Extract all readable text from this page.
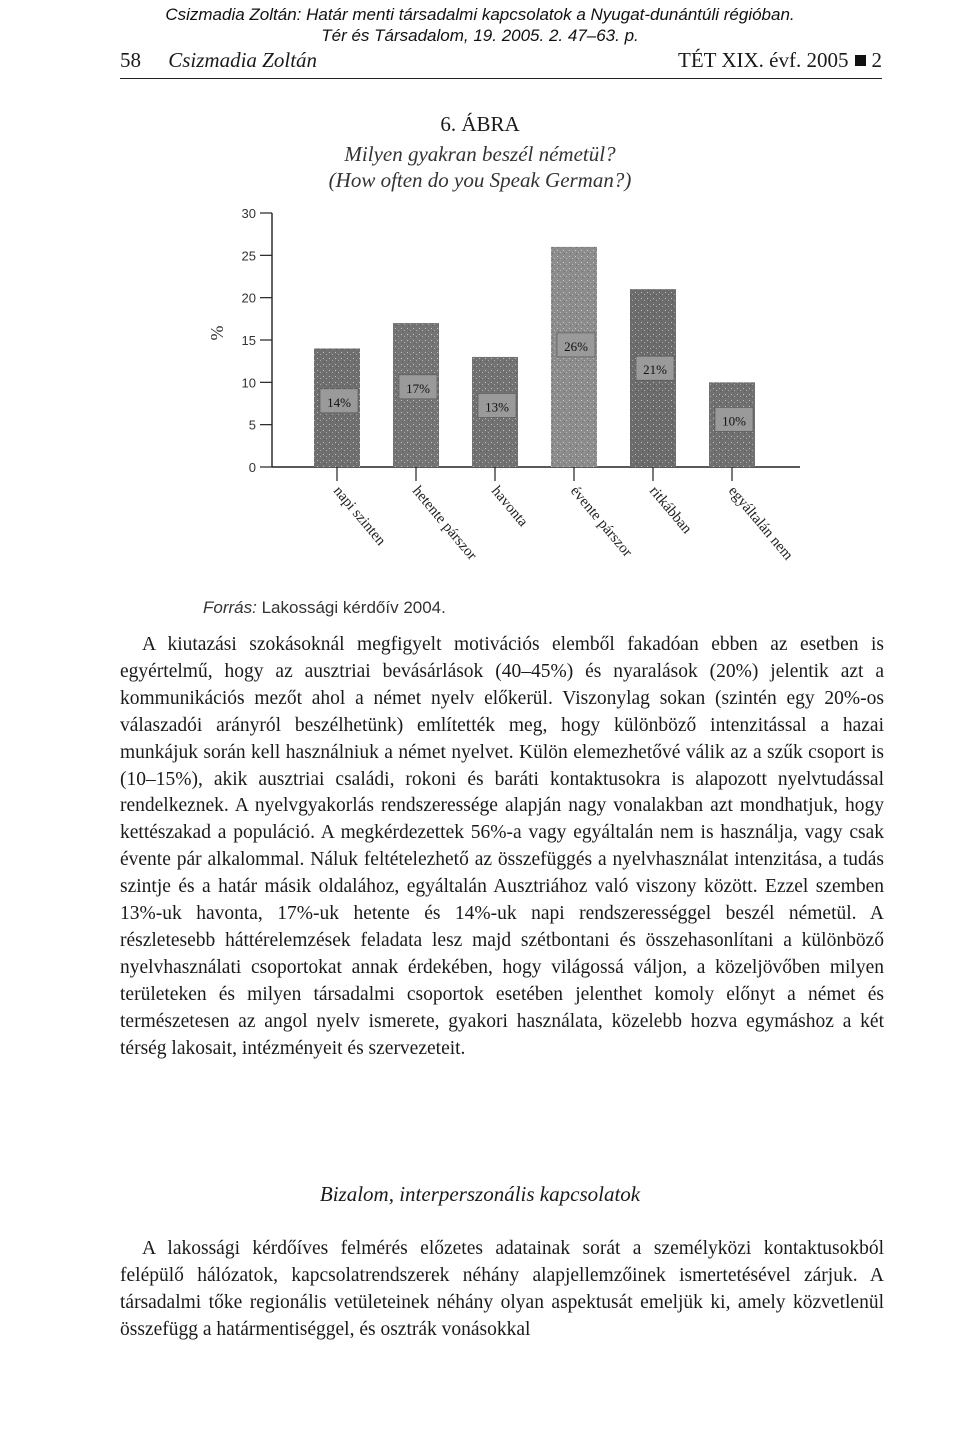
Csizmadia Zoltán: Határ menti társadalmi kapcsolatok a Nyugat-dunántúli régióban.
Tér és Társadalom, 19. 2005. 2. 47–63. p.
58 Csizmadia Zoltán	TÉT XIX. évf. 2005 2
6. ÁBRA
Milyen gyakran beszél németül?
(How often do you Speak German?)
0
5
10
15
20
25
30
%
14%
napi szinten
17%
hetente párszor
13%
havonta
26%
évente párszor
21%
ritkábban
10%
egyáltalán nem
Forrás: Lakossági kérdőív 2004.

A kiutazási szokásoknál megfigyelt motivációs elemből fakadóan ebben az esetben is egyértelmű, hogy az ausztriai bevásárlások (40–45%) és nyaralások (20%) jelentik azt a kommunikációs mezőt ahol a német nyelv előkerül. Viszonylag sokan (szintén egy 20%-os válaszadói arányról beszélhetünk) említették meg, hogy különböző intenzitással a hazai munkájuk során kell használniuk a német nyelvet. Külön elemezhetővé válik az a szűk csoport is (10–15%), akik ausztriai családi, rokoni és baráti kontaktusokra is alapozott nyelvtudással rendelkeznek. A nyelvgyakorlás rendszeressége alapján nagy vonalakban azt mondhatjuk, hogy kettészakad a populáció. A megkérdezettek 56%-a vagy egyáltalán nem is használja, vagy csak évente pár alkalommal. Náluk feltételezhető az összefüggés a nyelvhasználat intenzitása, a tudás szintje és a határ másik oldalához, egyáltalán Ausztriához való viszony között. Ezzel szemben 13%-uk havonta, 17%-uk hetente és 14%-uk napi rendszerességgel beszél németül. A részletesebb háttérelemzések feladata lesz majd szétbontani és összehasonlítani a különböző nyelvhasználati csoportokat annak érdekében, hogy világossá váljon, a közeljövőben milyen területeken és milyen társadalmi csoportok esetében jelenthet komoly előnyt a német és természetesen az angol nyelv ismerete, gyakori használata, közelebb hozva egymáshoz a két térség lakosait, intézményeit és szervezeteit.

Bizalom, interperszonális kapcsolatok

A lakossági kérdőíves felmérés előzetes adatainak sorát a személyközi kontaktusokból felépülő hálózatok, kapcsolatrendszerek néhány alapjellemzőinek ismertetésével zárjuk. A társadalmi tőke regionális vetületeinek néhány olyan aspektusát emeljük ki, amely közvetlenül összefügg a határmentiséggel, és osztrák vonásokkal
